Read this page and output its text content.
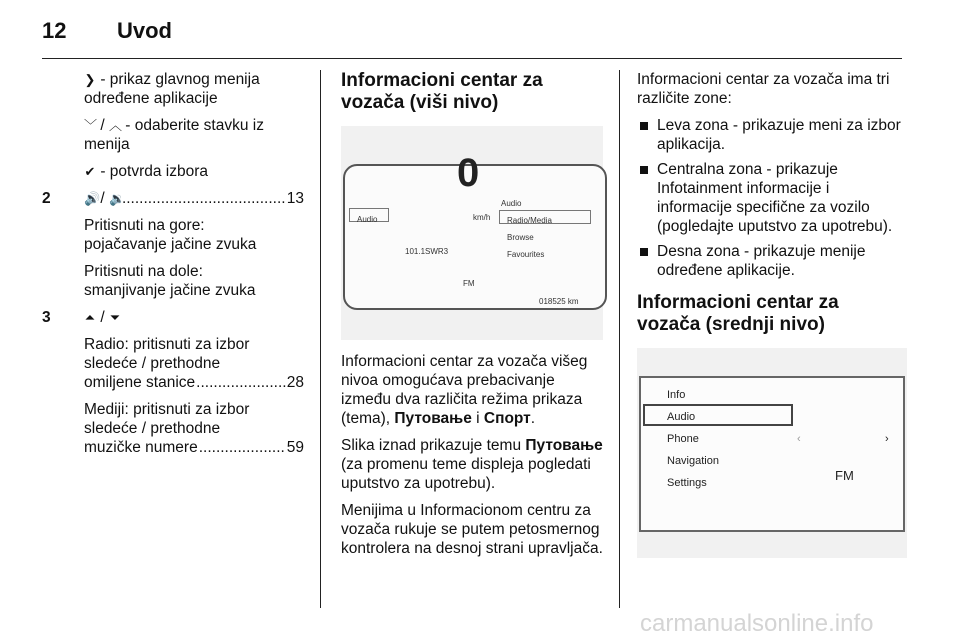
12 Uvod

❯ - prikaz glavnog menija određene aplikacije

﹀ / ︿ - odaberite stavku iz menija

✔ - potvrda izbora

2	🔊 / 🔉 .....	13

Pritisnuti na gore:
pojačavanje jačine zvuka

Pritisnuti na dole:
smanjivanje jačine zvuka

3	⏶ / ⏷
Radio: pritisnuti za izbor
sledeće / prethodne
omiljene stanice .....	28
Mediji: pritisnuti za izbor
sledeće / prethodne
muzičke numere .....	59
Informacioni centar za vozača (viši nivo)
0
km/h
Audio
Radio/Media
Browse
Favourites
Audio
101.1SWR3
FM
018525 km

Informacioni centar za vozača višeg nivoa omogućava prebacivanje između dva različita režima prikaza (tema), Путовање i Спорт.

Slika iznad prikazuje temu Путовање (za promenu teme displeja pogledati uputstvo za upotrebu).

Menijima u Informacionom centru za vozača rukuje se putem petosmernog kontrolera na desnoj strani upravljača.

Informacioni centar za vozača ima tri različite zone:

Leva zona - prikazuje meni za izbor aplikacija.
Centralna zona - prikazuje Infotainment informacije i informacije specifične za vozilo (pogledajte uputstvo za upotrebu).
Desna zona - prikazuje menije određene aplikacije.
Informacioni centar za vozača (srednji nivo)
Info
Audio
Phone
Navigation
Settings	FM
‹	›
carmanualsonline.info
